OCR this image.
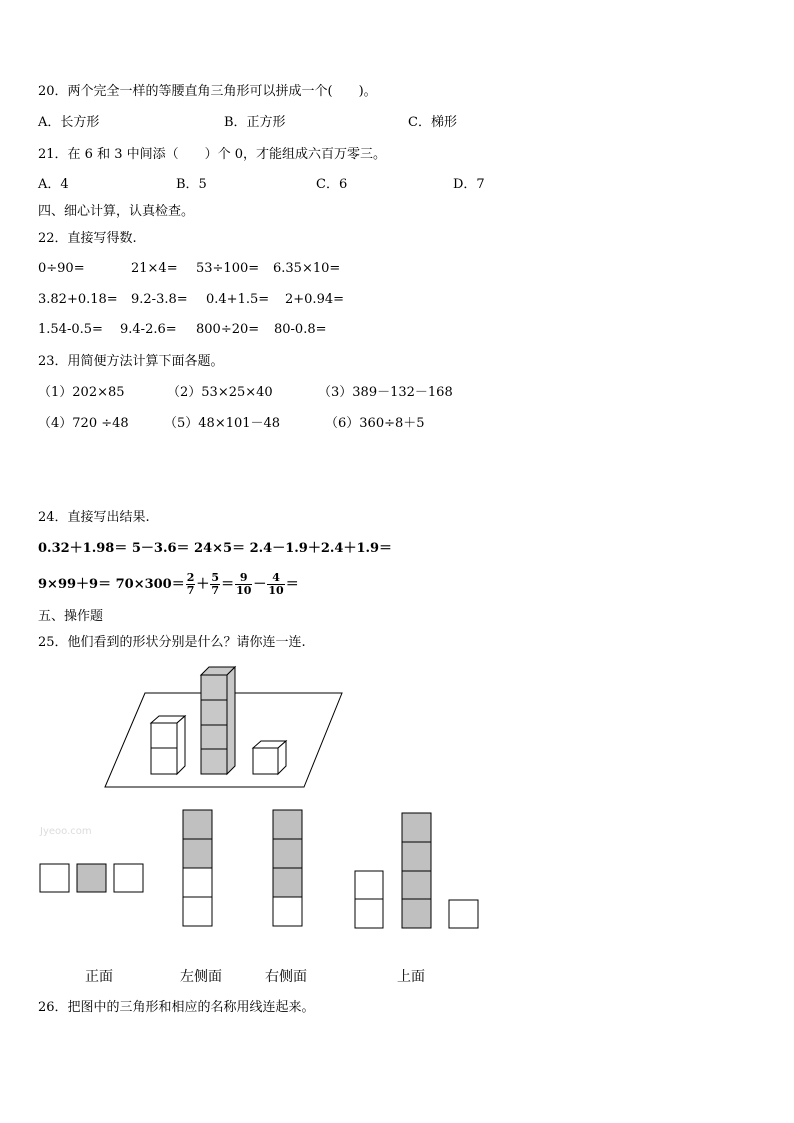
20．两个完全一样的等腰直角三角形可以拼成一个(　　)。
A．长方形	B．正方形	C．梯形
21．在 6 和 3 中间添（　　）个 0，才能组成六百万零三。
A．4	B．5	C．6	D．7
四、细心计算，认真检查。
22．直接写得数.
0÷90=	21×4= 53÷100= 6.35×10=
3.82+0.18= 9.2-3.8= 0.4+1.5= 2+0.94=
1.54-0.5= 9.4-2.6= 800÷20= 80-0.8=
23．用简便方法计算下面各题。
（1）202×85	（2）53×25×40	（3）389－132－168
（4）720 ÷48	（5）48×101－48	（6）360÷8＋5
24．直接写出结果.
0.32＋1.98＝ 5－3.6＝ 24×5＝ 2.4－1.9＋2.4＋1.9＝
$9\times 99+9= 70\times 300= \frac{2}{7} + \frac{5}{7} = \frac{9}{10} - \frac{4}{10}$ ＝
五、操作题
25．他们看到的形状分别是什么？请你连一连.
Jyeoo.com
正面	左侧面	右侧面	上面
26．把图中的三角形和相应的名称用线连起来。
